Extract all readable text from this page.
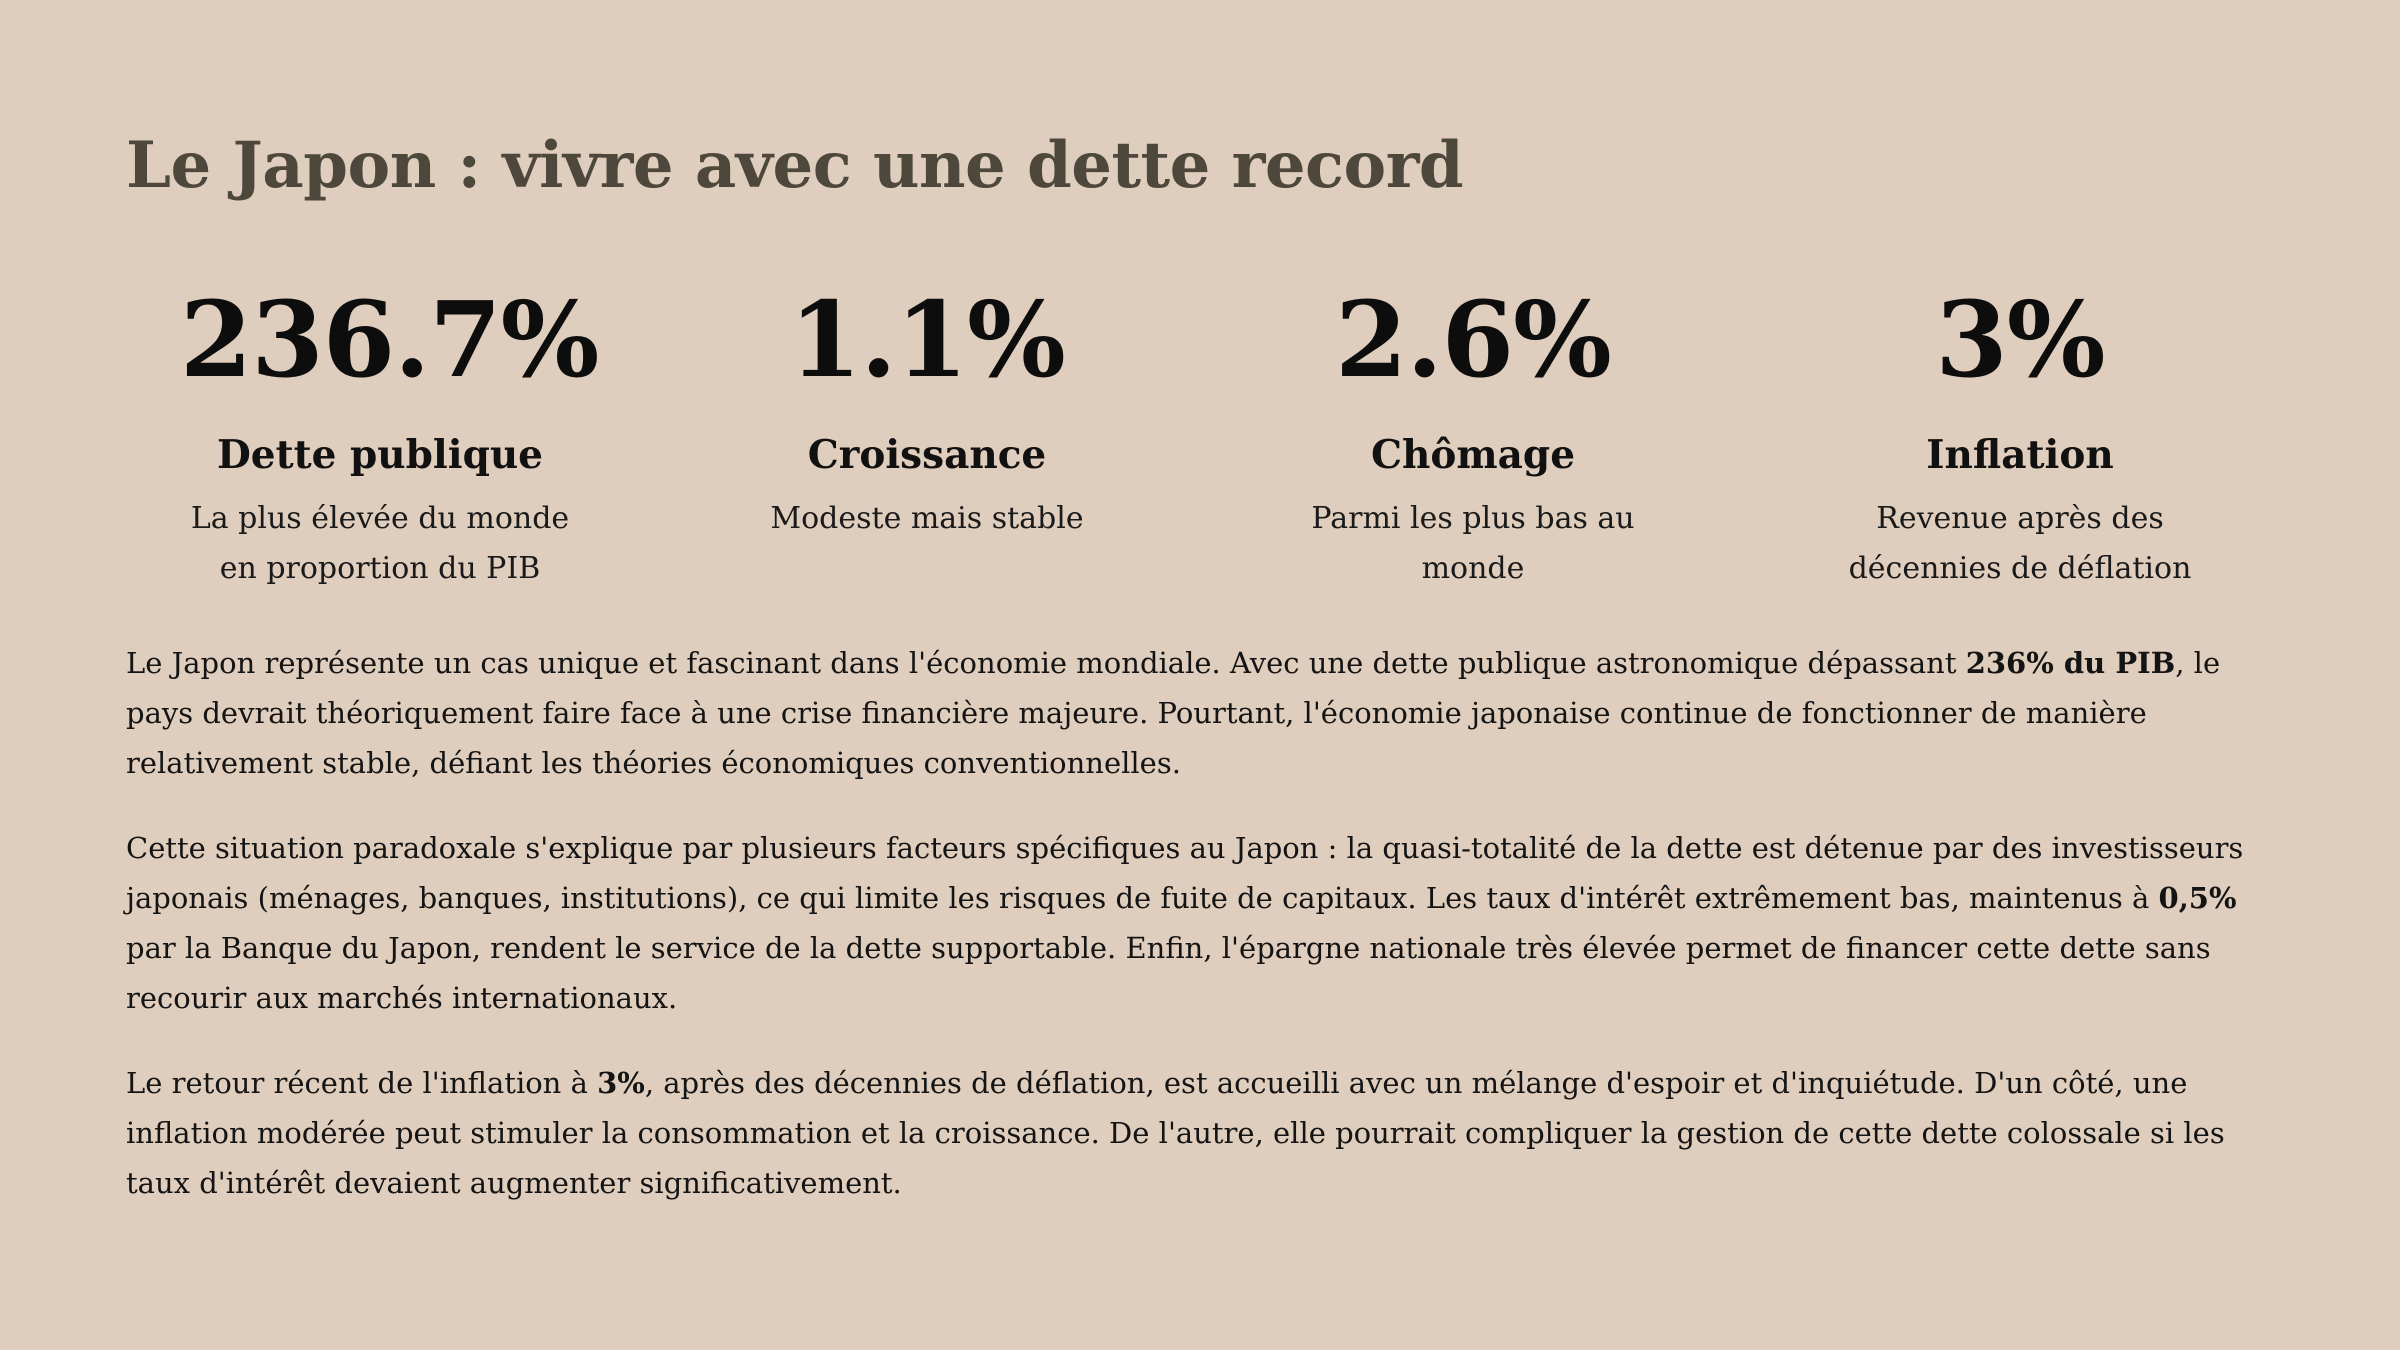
Le Japon : vivre avec une dette record
236.7%
Dette publique
La plus élevée du monde en proportion du PIB
1.1%
Croissance
Modeste mais stable
2.6%
Chômage
Parmi les plus bas au monde
3%
Inflation
Revenue après des décennies de déflation

Le Japon représente un cas unique et fascinant dans l'économie mondiale. Avec une dette publique astronomique dépassant 236% du PIB, le pays devrait théoriquement faire face à une crise financière majeure. Pourtant, l'économie japonaise continue de fonctionner de manière relativement stable, défiant les théories économiques conventionnelles.

Cette situation paradoxale s'explique par plusieurs facteurs spécifiques au Japon : la quasi-totalité de la dette est détenue par des investisseurs japonais (ménages, banques, institutions), ce qui limite les risques de fuite de capitaux. Les taux d'intérêt extrêmement bas, maintenus à 0,5% par la Banque du Japon, rendent le service de la dette supportable. Enfin, l'épargne nationale très élevée permet de financer cette dette sans recourir aux marchés internationaux.

Le retour récent de l'inflation à 3%, après des décennies de déflation, est accueilli avec un mélange d'espoir et d'inquiétude. D'un côté, une inflation modérée peut stimuler la consommation et la croissance. De l'autre, elle pourrait compliquer la gestion de cette dette colossale si les taux d'intérêt devaient augmenter significativement.
